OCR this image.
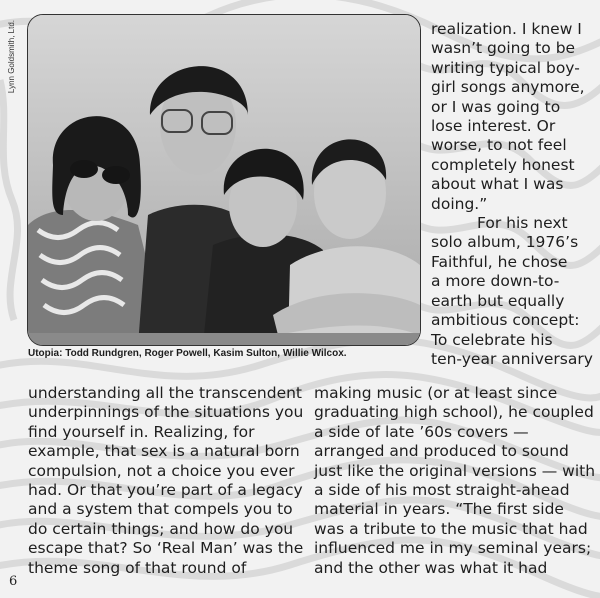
Lynn Goldsmith, Ltd.
Utopia: Todd Rundgren, Roger Powell, Kasim Sulton, Willie Wilcox.

realization. I knew I

wasn’t going to be

writing typical boy-

girl songs anymore,

or I was going to

lose interest. Or

worse, to not feel

completely honest

about what I was

doing.”

For his next

solo album, 1976’s

Faithful, he chose

a more down-to-

earth but equally

ambitious concept:

To celebrate his

ten-year anniversary

understanding all the transcendent

underpinnings of the situations you

find yourself in. Realizing, for

example, that sex is a natural born

compulsion, not a choice you ever

had. Or that you’re part of a legacy

and a system that compels you to

do certain things; and how do you

escape that? So ‘Real Man’ was the

theme song of that round of

making music (or at least since

graduating high school), he coupled

a side of late ’60s covers —

arranged and produced to sound

just like the original versions — with

a side of his most straight-ahead

material in years. “The first side

was a tribute to the music that had

influenced me in my seminal years;

and the other was what it had

6
